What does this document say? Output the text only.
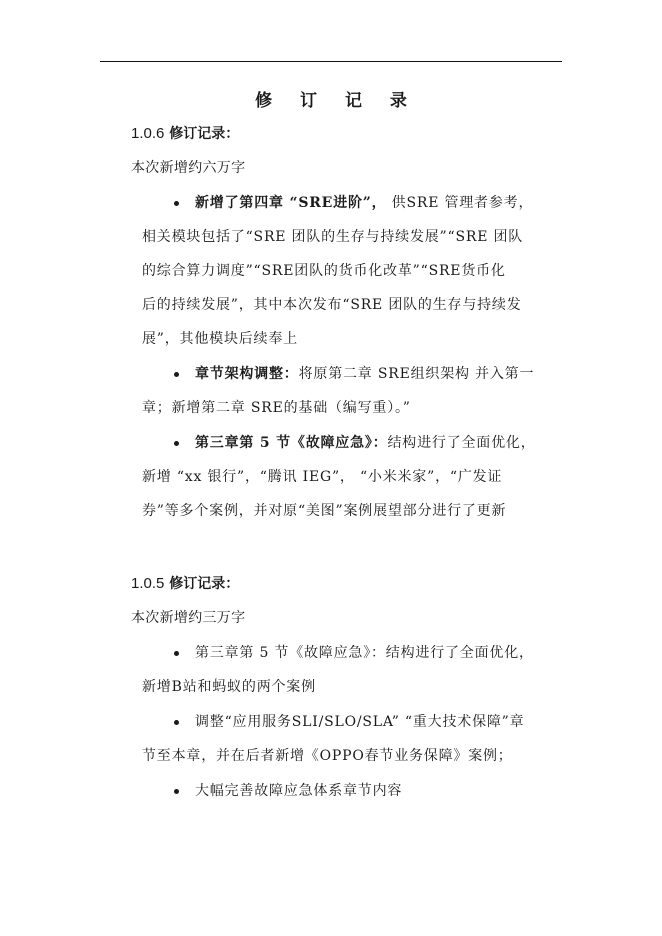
修 订 记 录
1.0.6 修订记录：
本次新增约六万字
新增了第四章 “SRE进阶”， 供SRE 管理者参考，
相关模块包括了“SRE 团队的生存与持续发展”“SRE 团队
的综合算力调度”“SRE团队的货币化改革”“SRE货币化
后的持续发展”，其中本次发布“SRE 团队的生存与持续发
展”，其他模块后续奉上
章节架构调整：将原第二章 SRE组织架构 并入第一
章；新增第二章 SRE的基础（编写重）。”
第三章第 5 节《故障应急》：结构进行了全面优化，
新增 “xx 银行”，“腾讯 IEG”， “小米米家”，“广发证
券”等多个案例，并对原“美图”案例展望部分进行了更新
1.0.5 修订记录：
本次新增约三万字
第三章第 5 节《故障应急》：结构进行了全面优化，
新增B站和蚂蚁的两个案例
调整“应用服务SLI/SLO/SLA” “重大技术保障”章
节至本章，并在后者新增《OPPO春节业务保障》案例；
大幅完善故障应急体系章节内容
